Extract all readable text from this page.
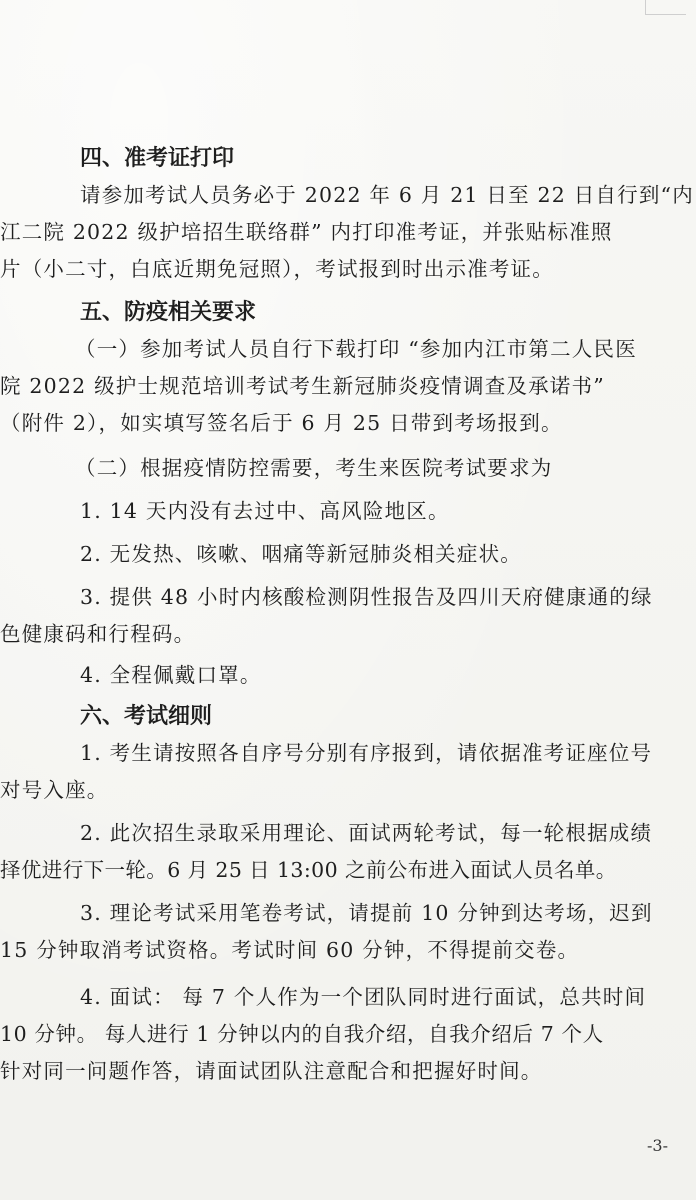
四、准考证打印

请参加考试人员务必于 2022 年 6 月 21 日至 22 日自行到“内
江二院 2022 级护培招生联络群” 内打印准考证，并张贴标准照
片（小二寸，白底近期免冠照），考试报到时出示准考证。

五、防疫相关要求

（一）参加考试人员自行下载打印 “参加内江市第二人民医
院 2022 级护士规范培训考试考生新冠肺炎疫情调查及承诺书”
（附件 2），如实填写签名后于 6 月 25 日带到考场报到。

（二）根据疫情防控需要，考生来医院考试要求为

1. 14 天内没有去过中、高风险地区。

2. 无发热、咳嗽、咽痛等新冠肺炎相关症状。

3. 提供 48 小时内核酸检测阴性报告及四川天府健康通的绿
色健康码和行程码。

4. 全程佩戴口罩。

六、考试细则

1. 考生请按照各自序号分别有序报到，请依据准考证座位号
对号入座。

2. 此次招生录取采用理论、面试两轮考试，每一轮根据成绩
择优进行下一轮。6 月 25 日 13:00 之前公布进入面试人员名单。

3. 理论考试采用笔卷考试，请提前 10 分钟到达考场，迟到
15 分钟取消考试资格。考试时间 60 分钟，不得提前交卷。

4. 面试： 每 7 个人作为一个团队同时进行面试，总共时间
10 分钟。 每人进行 1 分钟以内的自我介绍，自我介绍后 7 个人
针对同一问题作答，请面试团队注意配合和把握好时间。

-3-
